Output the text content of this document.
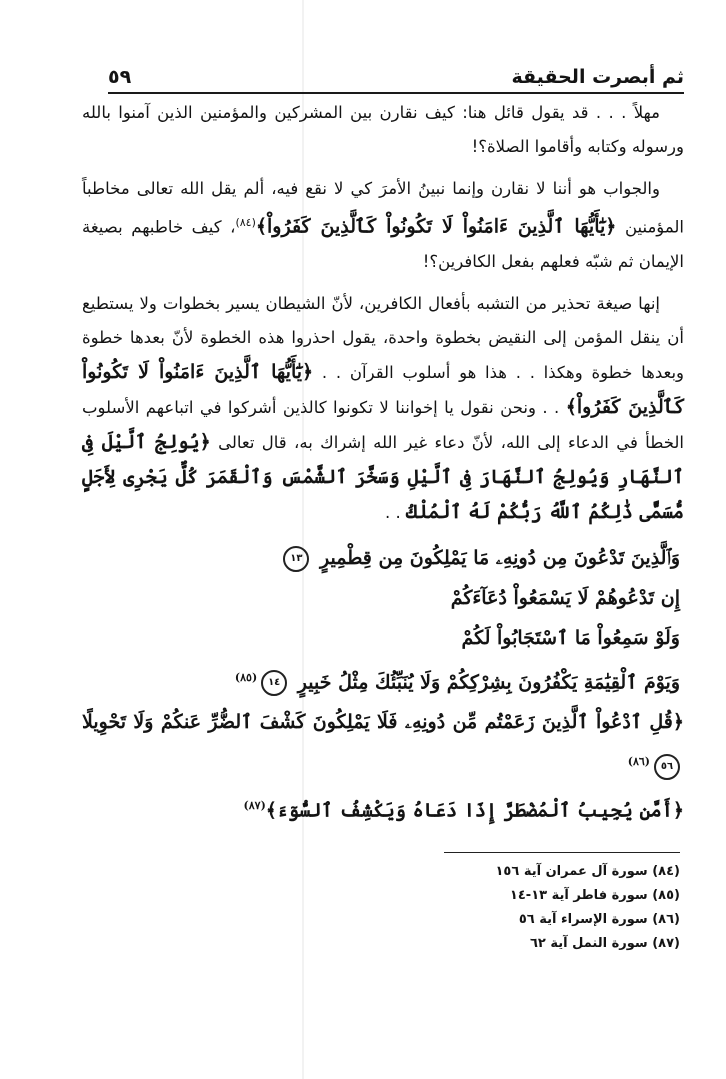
ثم أبصرت الحقيقة
٥٩

مهلاً . . . قد يقول قائل هنا: كيف نقارن بين المشركين والمؤمنين الذين آمنوا بالله ورسوله وكتابه وأقاموا الصلاة؟!

والجواب هو أننا لا نقارن وإنما نبينُ الأمرَ كي لا نقع فيه، ألم يقل الله تعالى مخاطباً المؤمنين ﴿يَٰٓأَيُّهَا ٱلَّذِينَ ءَامَنُواْ لَا تَكُونُواْ كَٱلَّذِينَ كَفَرُواْ﴾$^{(٨٤)}$، كيف خاطبهم بصيغة الإيمان ثم شبّه فعلهم بفعل الكافرين؟!

إنها صيغة تحذير من التشبه بأفعال الكافرين، لأنّ الشيطان يسير بخطوات ولا يستطيع أن ينقل المؤمن إلى النقيض بخطوة واحدة، يقول احذروا هذه الخطوة لأنّ بعدها خطوة وبعدها خطوة وهكذا . . هذا هو أسلوب القرآن . . ﴿يَٰٓأَيُّهَا ٱلَّذِينَ ءَامَنُواْ لَا تَكُونُواْ كَٱلَّذِينَ كَفَرُواْ﴾ . . ونحن نقول يا إخواننا لا تكونوا كالذين أشركوا في اتباعهم الأسلوب الخطأ في الدعاء إلى الله، لأنّ دعاء غير الله إشراك به، قال تعالى ﴿يُولِجُ ٱلَّيْلَ فِى ٱلنَّهَارِ وَيُولِجُ ٱلنَّهَارَ فِى ٱلَّيْلِ وَسَخَّرَ ٱلشَّمْسَ وَٱلْقَمَرَ كُلٌّ يَجْرِى لِأَجَلٍ مُّسَمًّى ذَٰلِكُمُ ٱللَّهُ رَبُّكُمْ لَهُ ٱلْمُلْكُ . .

وَٱلَّذِينَ تَدْعُونَ مِن دُونِهِۦ مَا يَمْلِكُونَ مِن قِطْمِيرٍ ١٣

إِن تَدْعُوهُمْ لَا يَسْمَعُواْ دُعَآءَكُمْ

وَلَوْ سَمِعُواْ مَا ٱسْتَجَابُواْ لَكُمْ

وَيَوْمَ ٱلْقِيَٰمَةِ يَكْفُرُونَ بِشِرْكِكُمْ وَلَا يُنَبِّئُكَ مِثْلُ خَبِيرٍ ١٤$^{(٨٥)}$

﴿قُلِ ٱدْعُواْ ٱلَّذِينَ زَعَمْتُم مِّن دُونِهِۦ فَلَا يَمْلِكُونَ كَشْفَ ٱلضُّرِّ عَنكُمْ وَلَا تَحْوِيلًا ٥٦$^{(٨٦)}$

﴿أَمَّن يُجِيبُ ٱلْمُضْطَرَّ إِذَا دَعَاهُ وَيَكْشِفُ ٱلسُّوٓءَ﴾$^{(٨٧)}$

(٨٤) سورة آل عمران آية ١٥٦
(٨٥) سورة فاطر آية ١٣-١٤
(٨٦) سورة الإسراء آية ٥٦
(٨٧) سورة النمل آية ٦٢
